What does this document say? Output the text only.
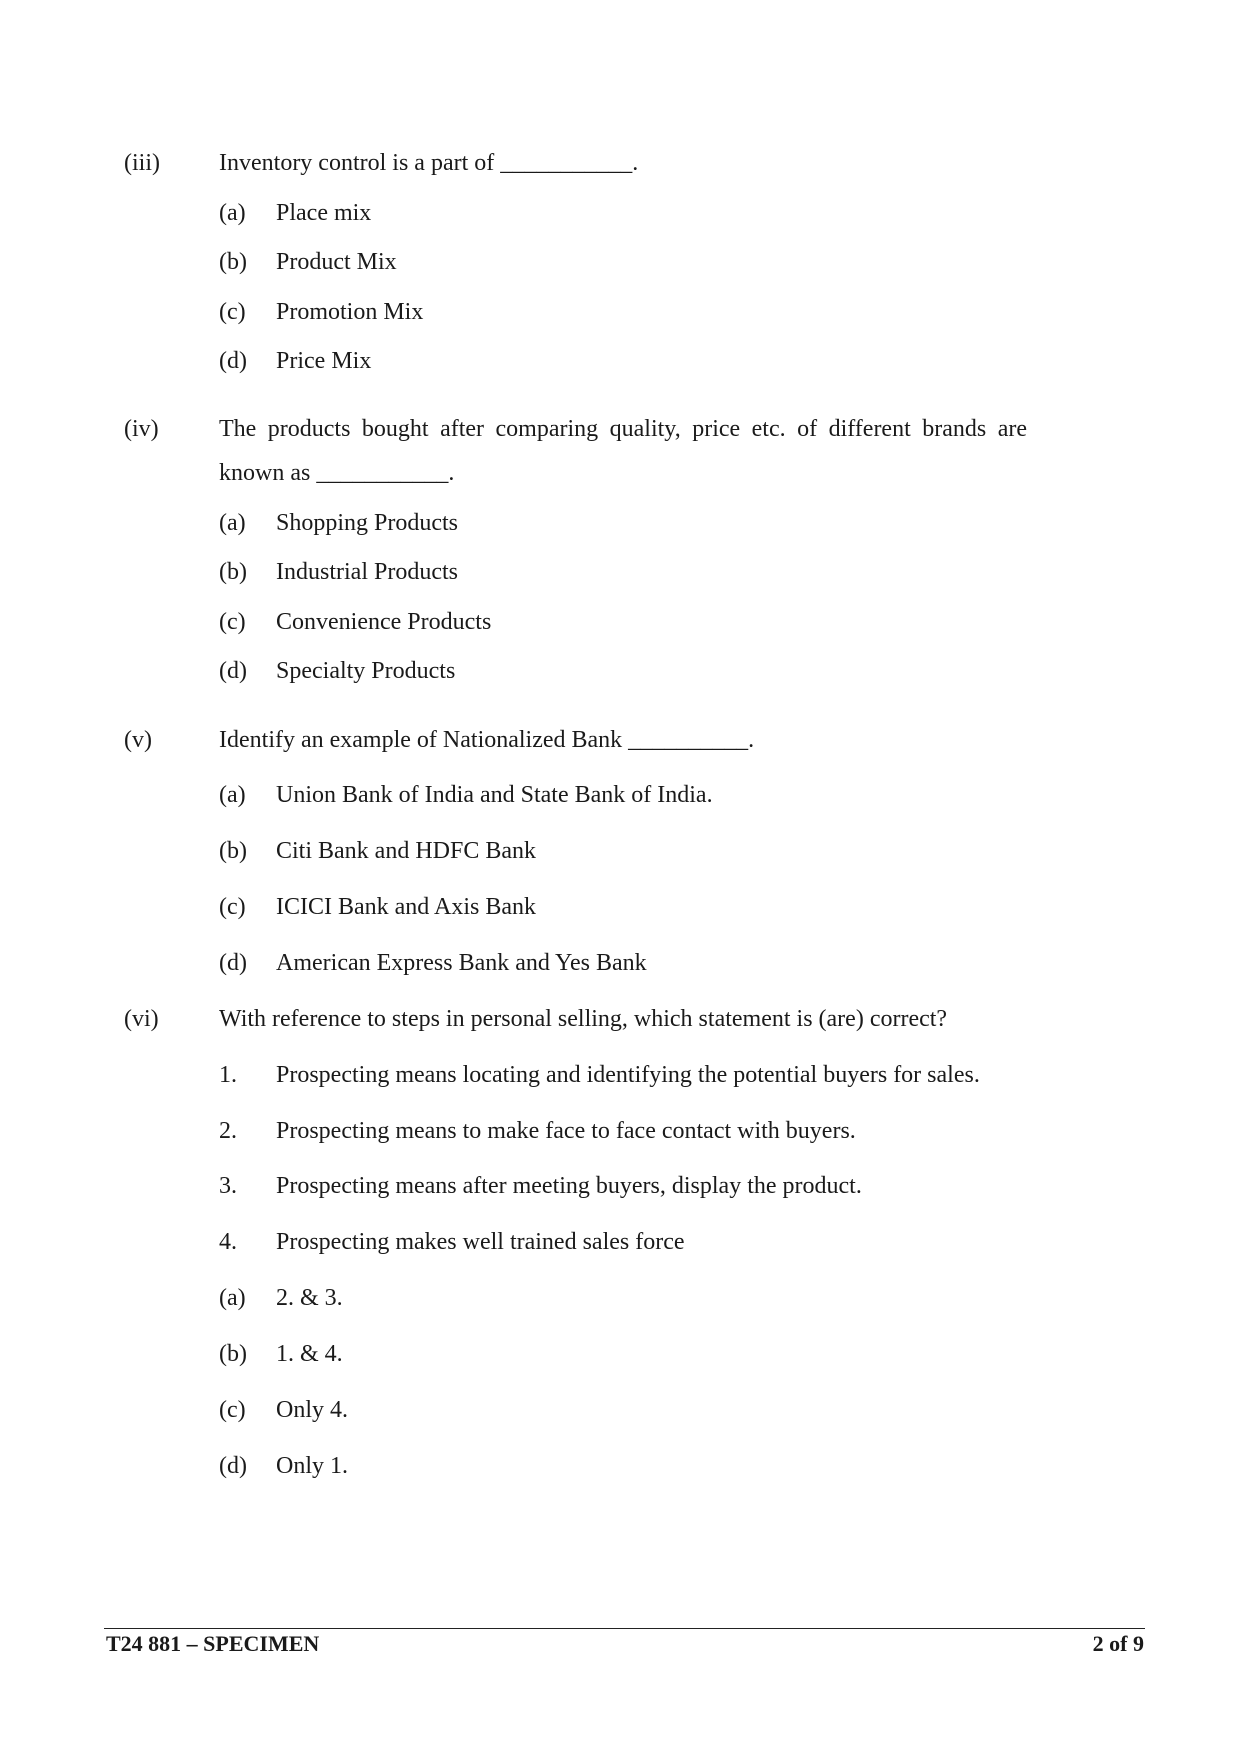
(iii) Inventory control is a part of ___________.
(a) Place mix
(b) Product Mix
(c) Promotion Mix
(d) Price Mix
(iv)	The products bought after comparing quality, price etc. of different brands are known as ___________.
(a) Shopping Products
(b) Industrial Products
(c) Convenience Products
(d) Specialty Products
(v)	Identify an example of Nationalized Bank __________.
(a) Union Bank of India and State Bank of India.
(b) Citi Bank and HDFC Bank
(c) ICICI Bank and Axis Bank
(d) American Express Bank and Yes Bank
(vi)	With reference to steps in personal selling, which statement is (are) correct?
1. Prospecting means locating and identifying the potential buyers for sales.
2. Prospecting means to make face to face contact with buyers.
3. Prospecting means after meeting buyers, display the product.
4. Prospecting makes well trained sales force
(a) 2. & 3.
(b) 1. & 4.
(c) Only 4.
(d) Only 1.
T24 881 – SPECIMEN	2 of 9
